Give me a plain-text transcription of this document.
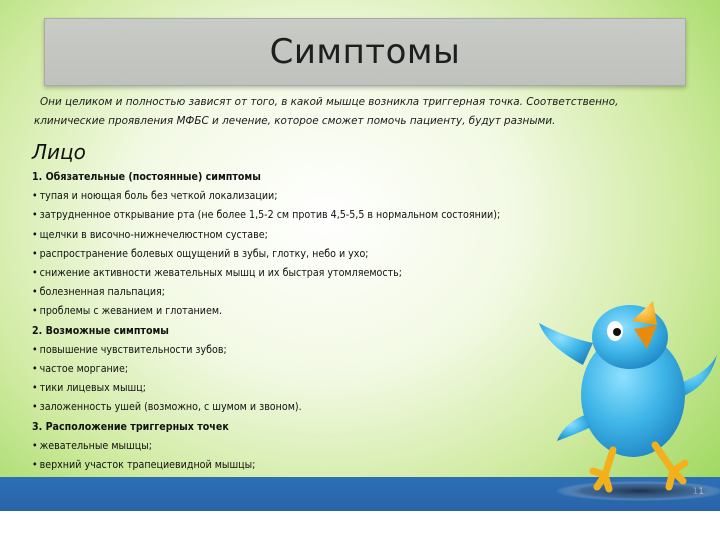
Симптомы
Они целиком и полностью зависят от того, в какой мышце возникла триггерная точка. Соответственно, клинические проявления МФБС и лечение, которое сможет помочь пациенту, будут разными.
Лицо
1. Обязательные (постоянные) симптомы
• тупая и ноющая боль без четкой локализации;
• затрудненное открывание рта (не более 1,5-2 см против 4,5-5,5 в нормальном состоянии);
• щелчки в височно-нижнечелюстном суставе;
• распространение болевых ощущений в зубы, глотку, небо и ухо;
• снижение активности жевательных мышц и их быстрая утомляемость;
• болезненная пальпация;
• проблемы с жеванием и глотанием.
2. Возможные симптомы
• повышение чувствительности зубов;
• частое моргание;
• тики лицевых мышц;
• заложенность ушей (возможно, с шумом и звоном).
3. Расположение триггерных точек
• жевательные мышцы;
• верхний участок трапециевидной мышцы;
